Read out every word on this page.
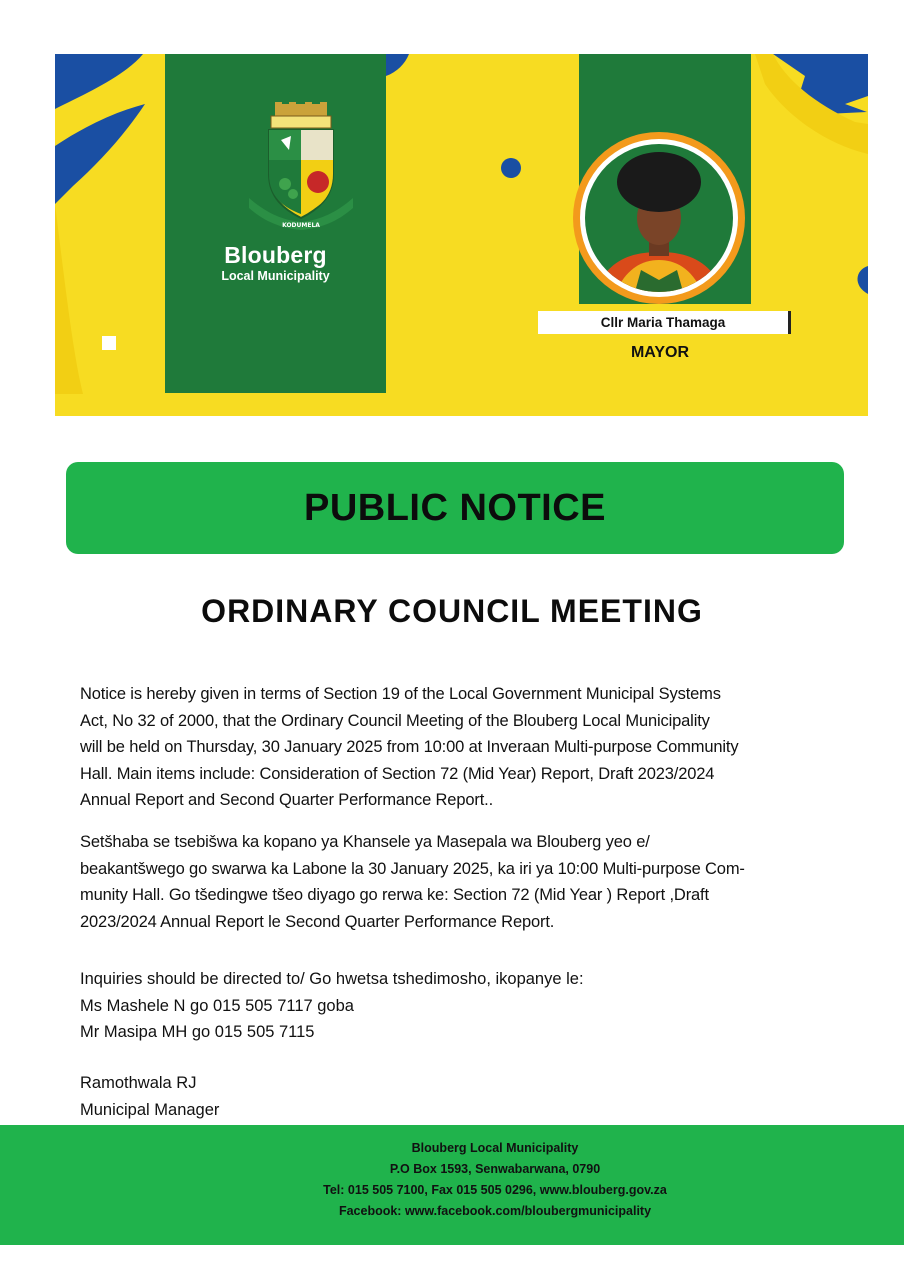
KODUMELA
Blouberg
Local Municipality
Cllr Maria Thamaga
MAYOR
PUBLIC NOTICE
ORDINARY COUNCIL MEETING
Notice is hereby given in terms of Section 19 of the Local Government Municipal Systems
Act, No 32 of 2000, that the Ordinary Council Meeting of the Blouberg Local Municipality
will be held on Thursday, 30 January 2025 from 10:00 at Inveraan Multi-purpose Community
Hall. Main items include: Consideration of Section 72 (Mid Year) Report, Draft 2023/2024
Annual Report and Second Quarter Performance Report..
Setšhaba se tsebišwa ka kopano ya Khansele ya Masepala wa Blouberg yeo e/
beakantšwego go swarwa ka Labone la 30 January 2025, ka iri ya 10:00 Multi-purpose Com-
munity Hall. Go tšedingwe tšeo diyago go rerwa ke: Section 72 (Mid Year ) Report ,Draft
2023/2024 Annual Report le Second Quarter Performance Report.
Inquiries should be directed to/ Go hwetsa tshedimosho, ikopanye le:
Ms Mashele N go 015 505 7117 goba
Mr Masipa MH go 015 505 7115
Ramothwala RJ
Municipal Manager
Blouberg Local Municipality
P.O Box 1593, Senwabarwana, 0790
Tel: 015 505 7100, Fax 015 505 0296, www.blouberg.gov.za
Facebook: www.facebook.com/bloubergmunicipality
